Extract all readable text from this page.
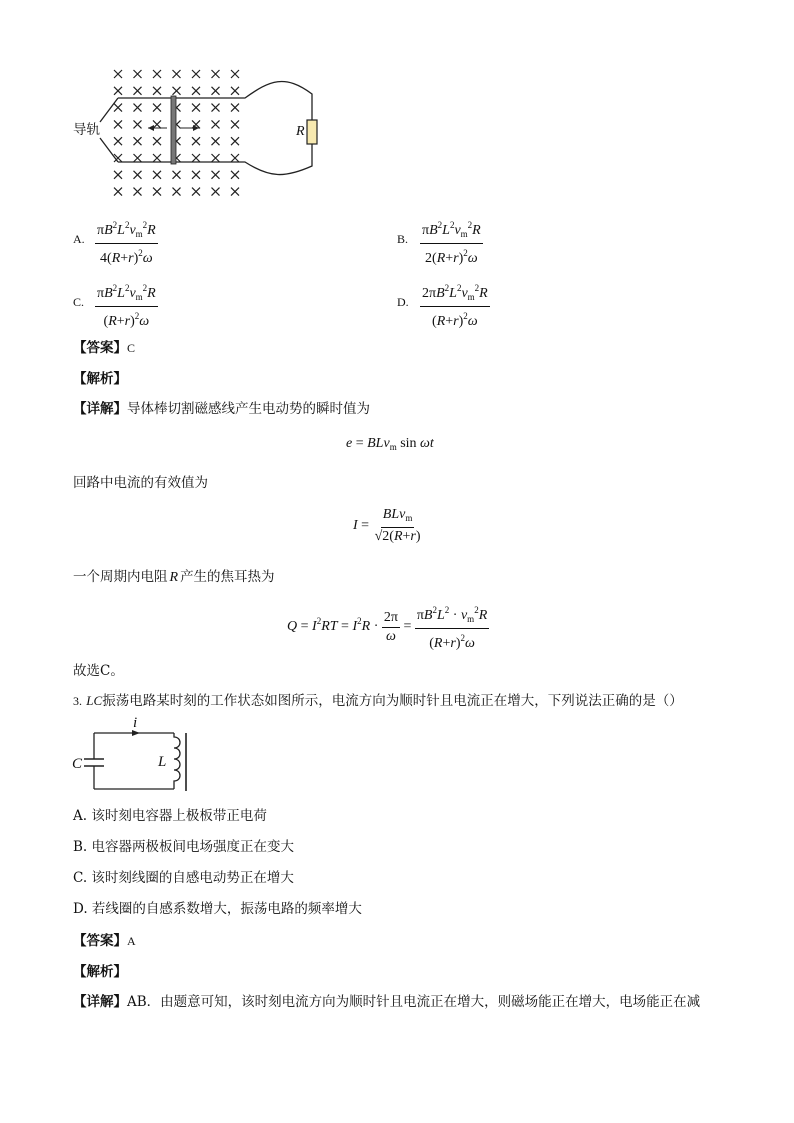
导轨	R
A. $\frac{\pi B^2L^2v_m^2R}{4(R+r)^2\omega}$	B. $\frac{\pi B^2L^2v_m^2R}{2(R+r)^2\omega}$
C. $\frac{\pi B^2L^2v_m^2R}{(R+r)^2\omega}$	D. $\frac{2\pi B^2L^2v_m^2R}{(R+r)^2\omega}$
【答案】C
【解析】
【详解】导体棒切割磁感线产生电动势的瞬时值为
e = BLv$_m$ sin ωt
回路中电流的有效值为
$I = \frac{BLv_m}{√2(R+r)}$
一个周期内电阻 R 产生的焦耳热为
$Q = I^2RT = I^2R \cdot \frac{2\pi}{\omega} = \frac{\pi B^2L^2 \cdot v_m^2R}{(R+r)^2\omega}$
故选C。
3. LC振荡电路某时刻的工作状态如图所示，电流方向为顺时针且电流正在增大，下列说法正确的是（）
C	L
i
A. 该时刻电容器上极板带正电荷
B. 电容器两极板间电场强度正在变大
C. 该时刻线圈的自感电动势正在增大
D. 若线圈的自感系数增大，振荡电路的频率增大
【答案】A
【解析】
【详解】AB．由题意可知，该时刻电流方向为顺时针且电流正在增大，则磁场能正在增大，电场能正在减
